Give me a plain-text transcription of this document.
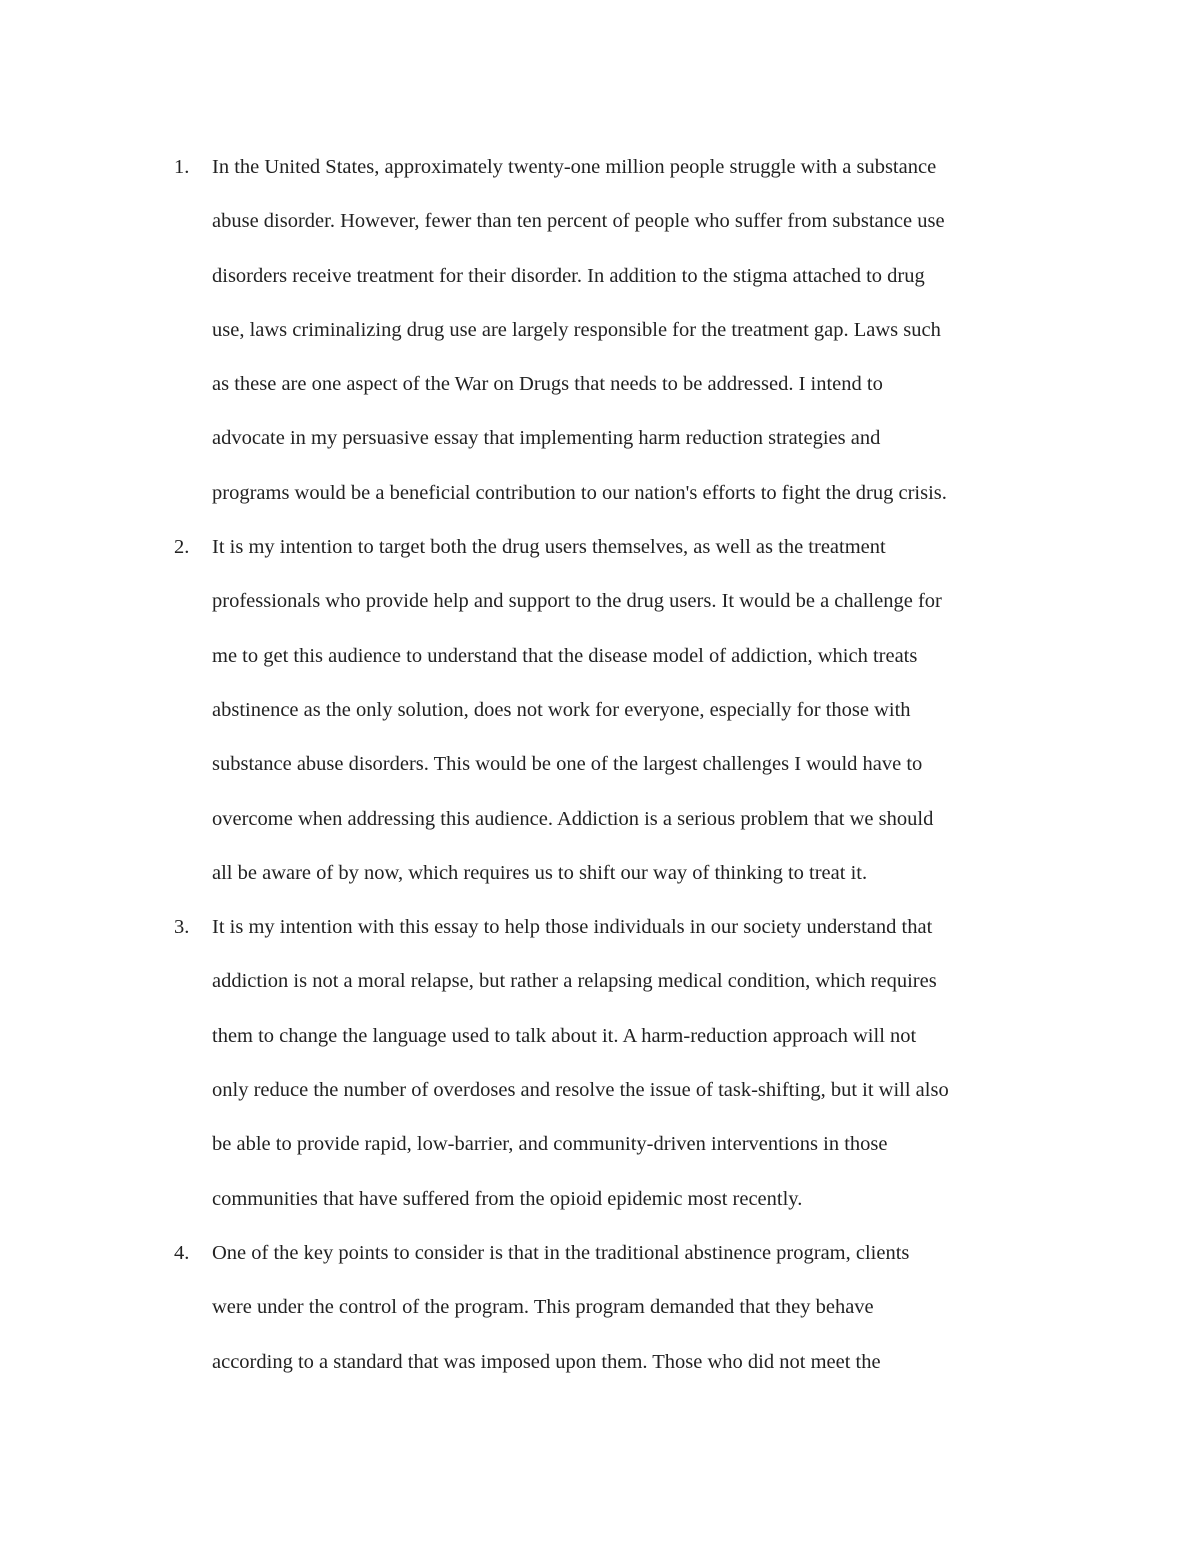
1. In the United States, approximately twenty-one million people struggle with a substance
abuse disorder. However, fewer than ten percent of people who suffer from substance use
disorders receive treatment for their disorder. In addition to the stigma attached to drug
use, laws criminalizing drug use are largely responsible for the treatment gap. Laws such
as these are one aspect of the War on Drugs that needs to be addressed. I intend to
advocate in my persuasive essay that implementing harm reduction strategies and
programs would be a beneficial contribution to our nation's efforts to fight the drug crisis.
2. It is my intention to target both the drug users themselves, as well as the treatment
professionals who provide help and support to the drug users. It would be a challenge for
me to get this audience to understand that the disease model of addiction, which treats
abstinence as the only solution, does not work for everyone, especially for those with
substance abuse disorders. This would be one of the largest challenges I would have to
overcome when addressing this audience. Addiction is a serious problem that we should
all be aware of by now, which requires us to shift our way of thinking to treat it.
3. It is my intention with this essay to help those individuals in our society understand that
addiction is not a moral relapse, but rather a relapsing medical condition, which requires
them to change the language used to talk about it. A harm-reduction approach will not
only reduce the number of overdoses and resolve the issue of task-shifting, but it will also
be able to provide rapid, low-barrier, and community-driven interventions in those
communities that have suffered from the opioid epidemic most recently.
4. One of the key points to consider is that in the traditional abstinence program, clients
were under the control of the program. This program demanded that they behave
according to a standard that was imposed upon them. Those who did not meet the
